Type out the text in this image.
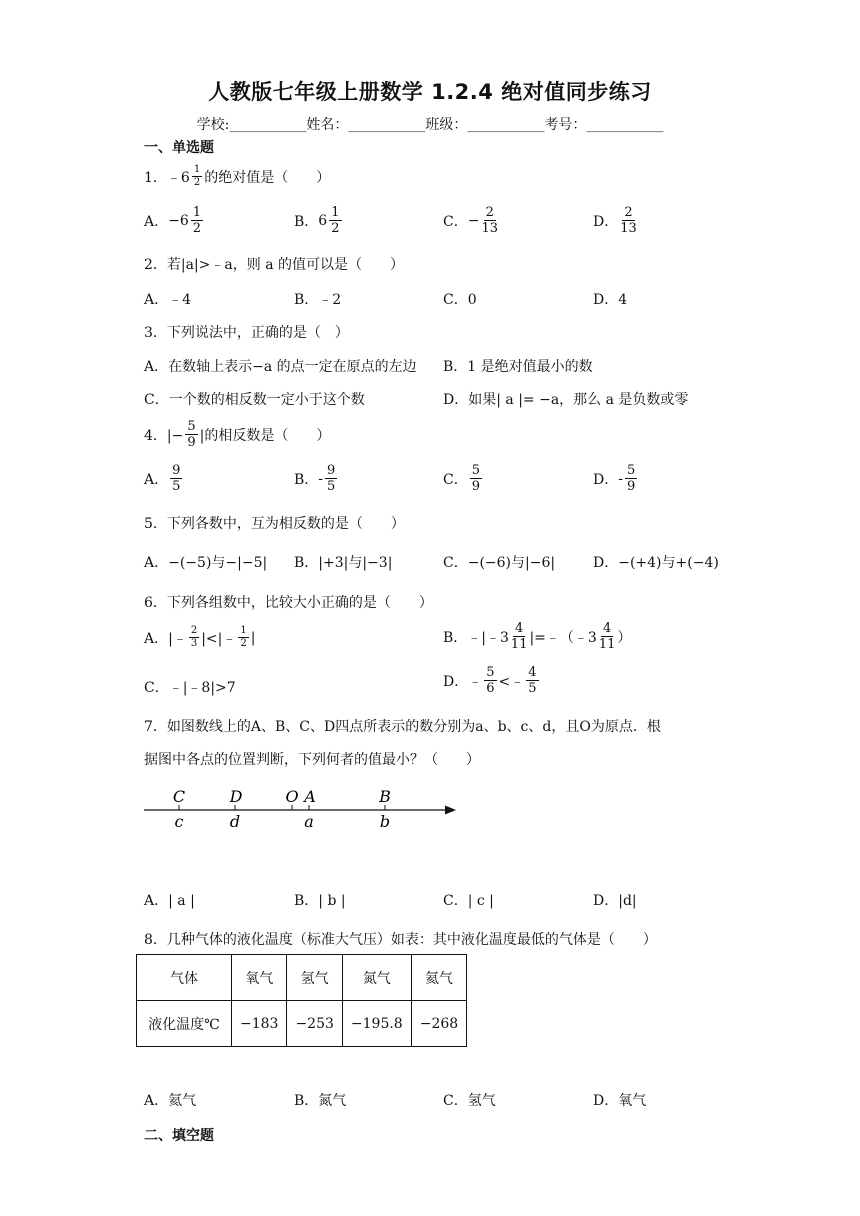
人教版七年级上册数学 1.2.4 绝对值同步练习
学校:___________姓名：___________班级：___________考号：___________
一、单选题
1．﹣6 $\frac{1}{2}$ 的绝对值是（　　）
A． $-6 \frac{1}{2}$	B． $6 \frac{1}{2}$	C． − $\frac{2}{13}$	D． $\frac{2}{13}$
2．若|a|>﹣a，则 a 的值可以是（　　）
A．﹣4	B．﹣2	C．0	D．4
3．下列说法中，正确的是（　）
A．在数轴上表示−a 的点一定在原点的左边 B．1 是绝对值最小的数
C．一个数的相反数一定小于这个数	D．如果| a |= −a，那么 a 是负数或零
4．|− $\frac{5}{9}$ |的相反数是（　　）
A． $\frac{9}{5}$	B． - $\frac{9}{5}$	C． $\frac{5}{9}$	D． - $\frac{5}{9}$
5．下列各数中，互为相反数的是（　　）
A．−(−5)与−|−5| B．|+3|与|−3|	C．−(−6)与|−6|	D．−(+4)与+(−4)
6．下列各组数中，比较大小正确的是（　　）
A．|﹣ $\frac{2}{3}$ |<|﹣ $\frac{1}{2}$ |	B．﹣|﹣3 $\frac{4}{11}$ |=﹣（﹣3 $\frac{4}{11}$ ）
C．﹣|﹣8|>7	D．﹣ $\frac{5}{6}$ <﹣ $\frac{4}{5}$
7．如图数线上的A、B、C、D四点所表示的数分别为a、b、c、d，且O为原点．根
据图中各点的位置判断，下列何者的值最小？（　　）
C	D	O A	B
c	d	a	b
A．| a |	B．| b |	C．| c |	D．|d|
8．几种气体的液化温度（标准大气压）如表：其中液化温度最低的气体是（　　）
气体	氧气	氢气	氮气	氦气
液化温度℃	−183	−253	−195.8	−268
A．氦气	B．氮气	C．氢气	D．氧气
二、填空题
